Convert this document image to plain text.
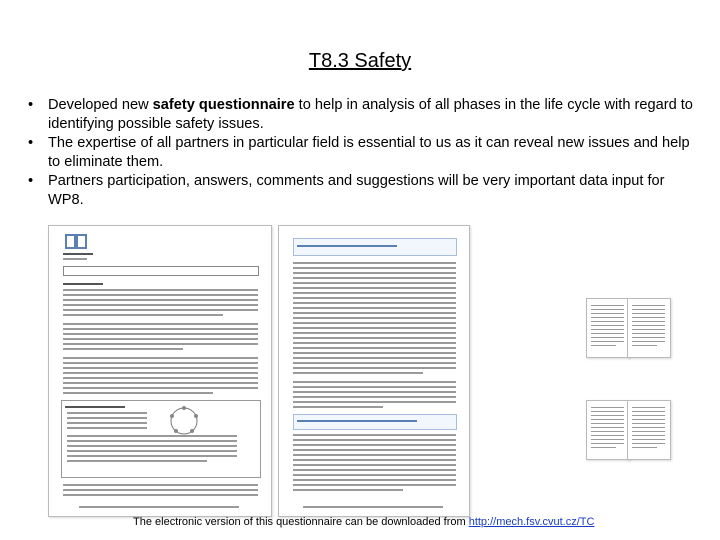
T8.3 Safety
• Developed new safety questionnaire to help in analysis of all phases in the life cycle with regard to identifying possible safety issues.
• The expertise of all partners in particular field is essential to us as it can reveal new issues and help to eliminate them.
• Partners participation, answers, comments and suggestions will be very important data input for WP8.
The electronic version of this questionnaire can be downloaded from http://mech.fsv.cvut.cz/TC
